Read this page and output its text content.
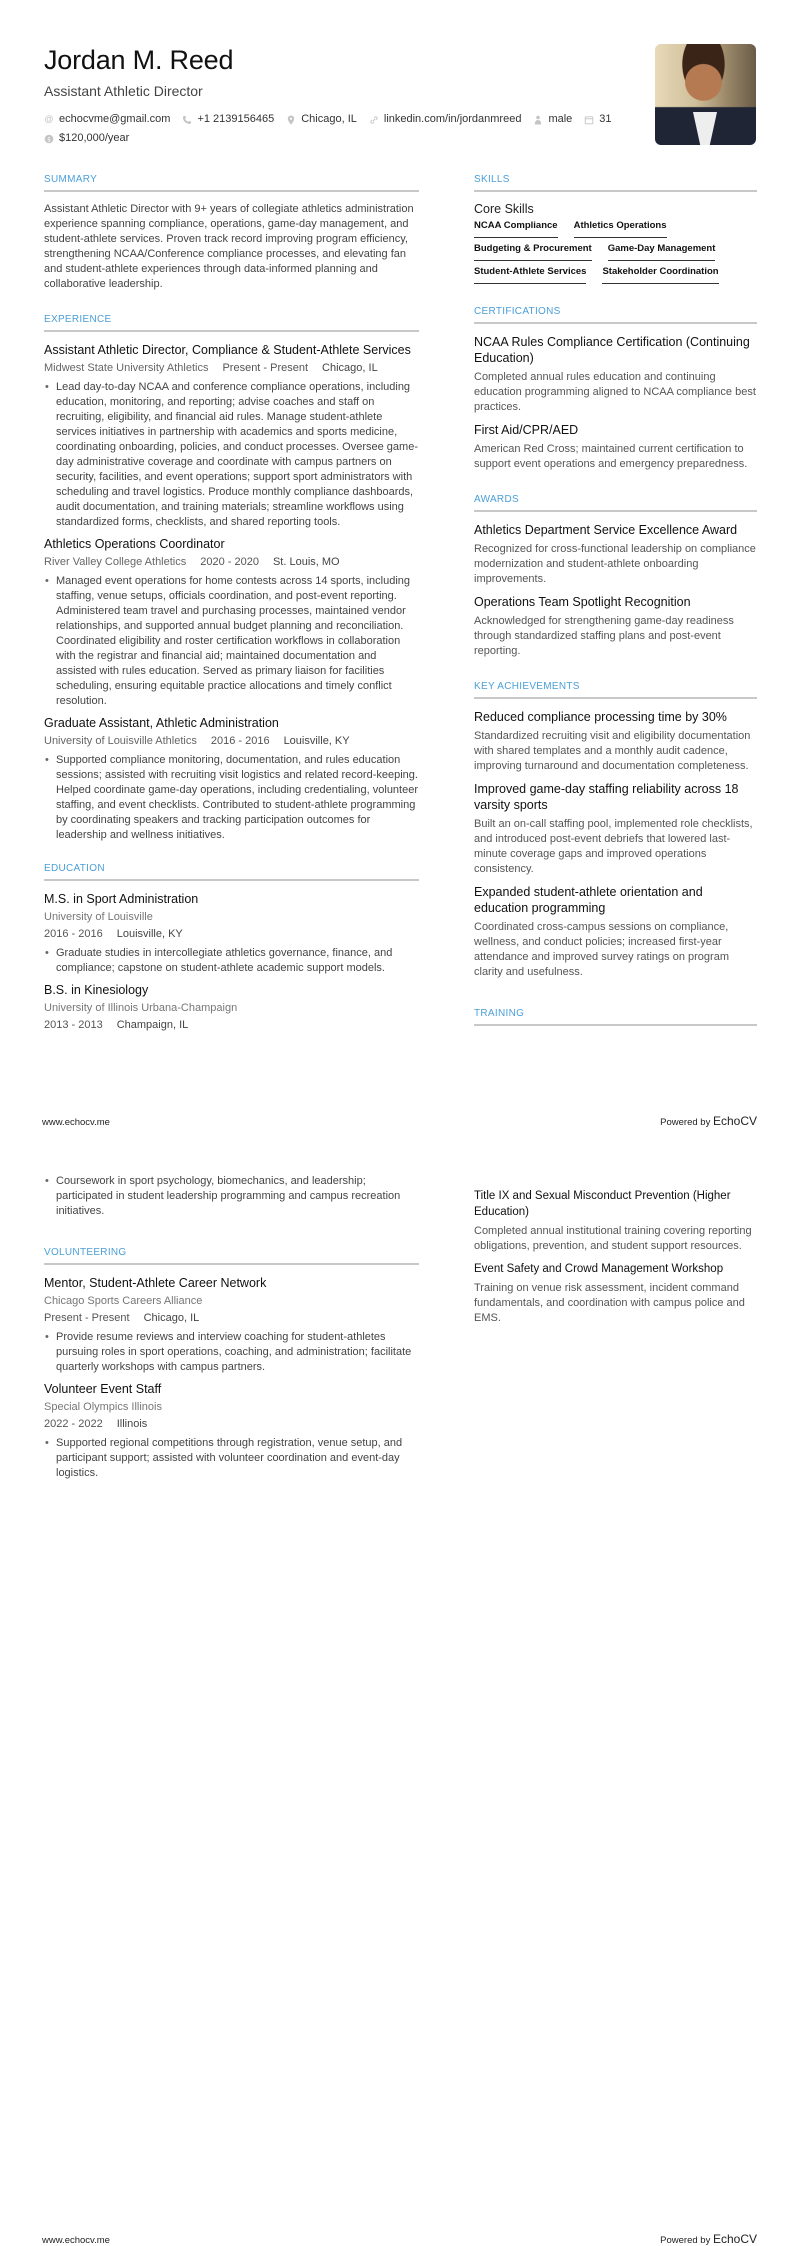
Jordan M. Reed
Assistant Athletic Director
@ echocvme@gmail.com +1 2139156465 Chicago, IL linkedin.com/in/jordanmreed male 31
$ $120,000/year
SUMMARY
Assistant Athletic Director with 9+ years of collegiate athletics administration experience spanning compliance, operations, game-day management, and student-athlete services. Proven track record improving program efficiency, strengthening NCAA/Conference compliance processes, and elevating fan and student-athlete experiences through data-informed planning and collaborative leadership.
EXPERIENCE
Assistant Athletic Director, Compliance & Student-Athlete Services
Midwest State University Athletics Present - Present Chicago, IL
• Lead day-to-day NCAA and conference compliance operations, including education, monitoring, and reporting; advise coaches and staff on recruiting, eligibility, and financial aid rules. Manage student-athlete services initiatives in partnership with academics and sports medicine, coordinating onboarding, policies, and conduct processes. Oversee game-day administrative coverage and coordinate with campus partners on security, facilities, and event operations; support sport administrators with scheduling and travel logistics. Produce monthly compliance dashboards, audit documentation, and training materials; streamline workflows using standardized forms, checklists, and shared reporting tools.
Athletics Operations Coordinator
River Valley College Athletics 2020 - 2020 St. Louis, MO
• Managed event operations for home contests across 14 sports, including staffing, venue setups, officials coordination, and post-event reporting. Administered team travel and purchasing processes, maintained vendor relationships, and supported annual budget planning and reconciliation. Coordinated eligibility and roster certification workflows in collaboration with the registrar and financial aid; maintained documentation and assisted with rules education. Served as primary liaison for facilities scheduling, ensuring equitable practice allocations and timely conflict resolution.
Graduate Assistant, Athletic Administration
University of Louisville Athletics 2016 - 2016 Louisville, KY
• Supported compliance monitoring, documentation, and rules education sessions; assisted with recruiting visit logistics and related record-keeping. Helped coordinate game-day operations, including credentialing, volunteer staffing, and event checklists. Contributed to student-athlete programming by coordinating speakers and tracking participation outcomes for leadership and wellness initiatives.
EDUCATION
M.S. in Sport Administration
University of Louisville
2016 - 2016 Louisville, KY
• Graduate studies in intercollegiate athletics governance, finance, and compliance; capstone on student-athlete academic support models.
B.S. in Kinesiology
University of Illinois Urbana-Champaign
2013 - 2013 Champaign, IL
SKILLS
Core Skills
NCAA Compliance Athletics Operations
Budgeting & Procurement Game-Day Management
Student-Athlete Services Stakeholder Coordination
CERTIFICATIONS
NCAA Rules Compliance Certification (Continuing Education)
Completed annual rules education and continuing education programming aligned to NCAA compliance best practices.
First Aid/CPR/AED
American Red Cross; maintained current certification to support event operations and emergency preparedness.
AWARDS
Athletics Department Service Excellence Award
Recognized for cross-functional leadership on compliance modernization and student-athlete onboarding improvements.
Operations Team Spotlight Recognition
Acknowledged for strengthening game-day readiness through standardized staffing plans and post-event reporting.
KEY ACHIEVEMENTS
Reduced compliance processing time by 30%
Standardized recruiting visit and eligibility documentation with shared templates and a monthly audit cadence, improving turnaround and documentation completeness.
Improved game-day staffing reliability across 18 varsity sports
Built an on-call staffing pool, implemented role checklists, and introduced post-event debriefs that lowered last-minute coverage gaps and improved operations consistency.
Expanded student-athlete orientation and education programming
Coordinated cross-campus sessions on compliance, wellness, and conduct policies; increased first-year attendance and improved survey ratings on program clarity and usefulness.
TRAINING
www.echocv.me	Powered by EchoCV
• Coursework in sport psychology, biomechanics, and leadership; participated in student leadership programming and campus recreation initiatives.
VOLUNTEERING
Mentor, Student-Athlete Career Network
Chicago Sports Careers Alliance
Present - Present Chicago, IL
• Provide resume reviews and interview coaching for student-athletes pursuing roles in sport operations, coaching, and administration; facilitate quarterly workshops with campus partners.
Volunteer Event Staff
Special Olympics Illinois
2022 - 2022 Illinois
• Supported regional competitions through registration, venue setup, and participant support; assisted with volunteer coordination and event-day logistics.
Title IX and Sexual Misconduct Prevention (Higher Education)
Completed annual institutional training covering reporting obligations, prevention, and student support resources.
Event Safety and Crowd Management Workshop
Training on venue risk assessment, incident command fundamentals, and coordination with campus police and EMS.
www.echocv.me	Powered by EchoCV
